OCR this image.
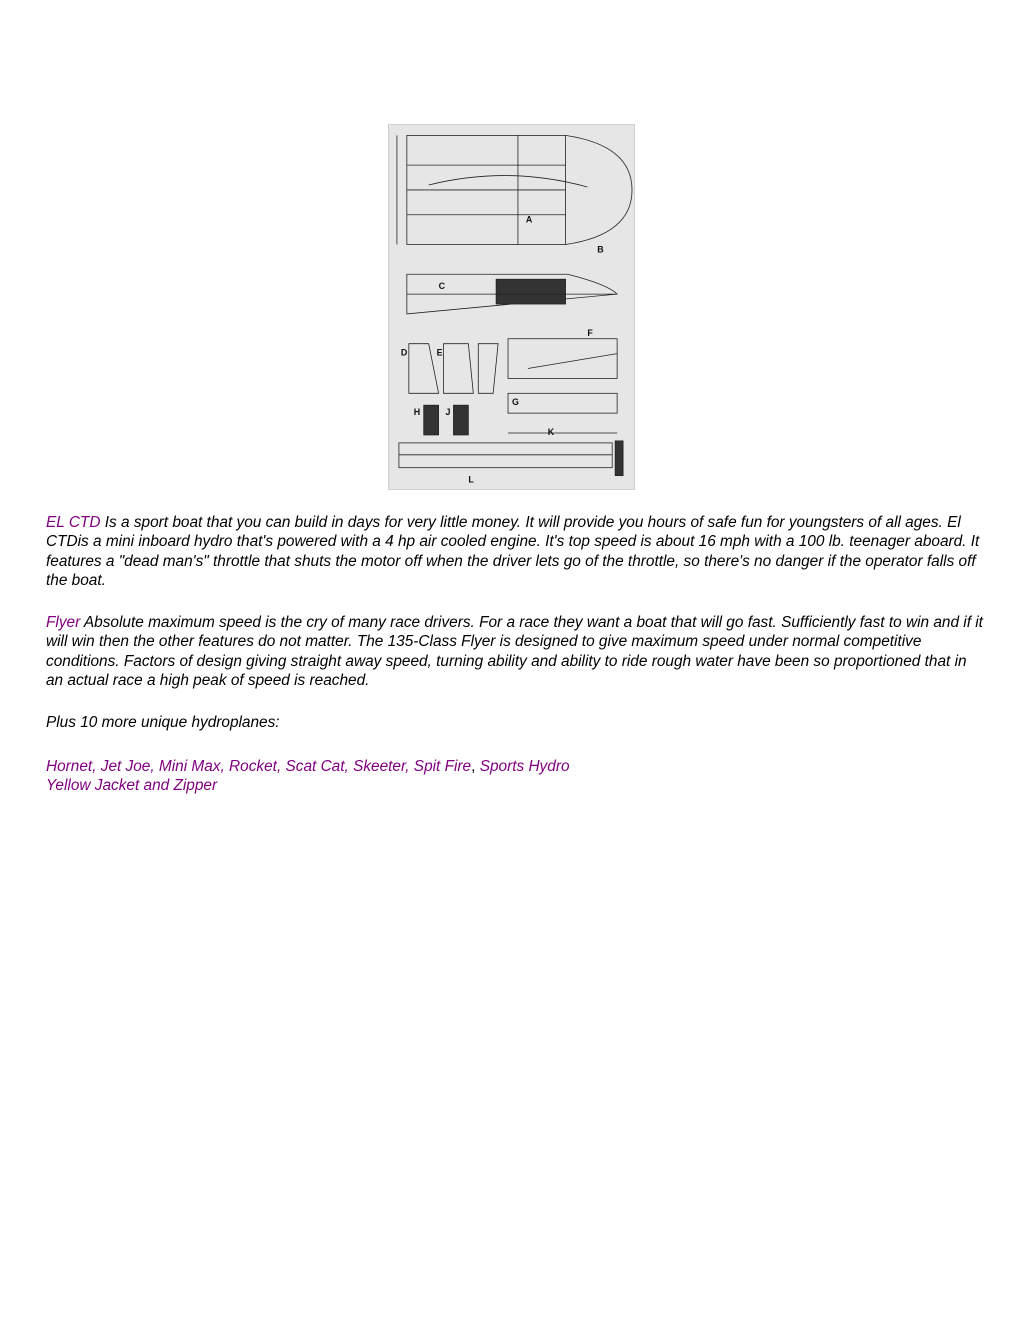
A
B
C
D	E
F
G
H	J
K
L

EL CTD Is a sport boat that you can build in days for very little money. It will provide you hours of safe fun for youngsters of all ages. El CTDis a mini inboard hydro that's powered with a 4 hp air cooled engine. It's top speed is about 16 mph with a 100 lb. teenager aboard. It features a "dead man's" throttle that shuts the motor off when the driver lets go of the throttle, so there's no danger if the operator falls off the boat.

Flyer Absolute maximum speed is the cry of many race drivers. For a race they want a boat that will go fast. Sufficiently fast to win and if it will win then the other features do not matter. The 135-Class Flyer is designed to give maximum speed under normal competitive conditions. Factors of design giving straight away speed, turning ability and ability to ride rough water have been so proportioned that in an actual race a high peak of speed is reached.

Plus 10 more unique hydroplanes:

Hornet, Jet Joe, Mini Max, Rocket, Scat Cat, Skeeter, Spit Fire, Sports Hydro
Yellow Jacket and Zipper
